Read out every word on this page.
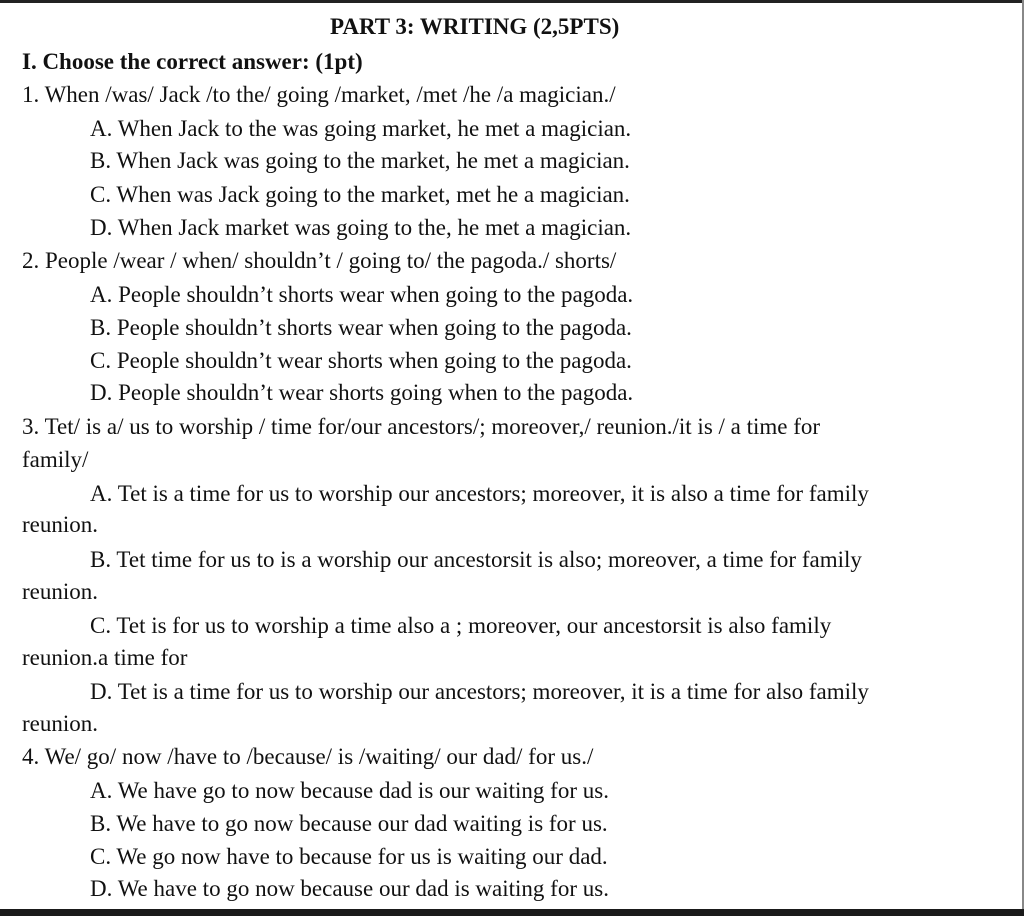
PART 3: WRITING (2,5PTS)
I. Choose the correct answer: (1pt)
1. When /was/ Jack /to the/ going /market, /met /he /a magician./
A. When Jack to the was going market, he met a magician.
B. When Jack was going to the market, he met a magician.
C. When was Jack going to the market, met he a magician.
D. When Jack market was going to the, he met a magician.
2. People /wear / when/ shouldn’t / going to/ the pagoda./ shorts/
A. People shouldn’t shorts wear when going to the pagoda.
B. People shouldn’t shorts wear when going to the pagoda.
C. People shouldn’t wear shorts when going to the pagoda.
D. People shouldn’t wear shorts going when to the pagoda.
3. Tet/ is a/ us to worship / time for/our ancestors/; moreover,/ reunion./it is / a time for
family/
A. Tet is a time for us to worship our ancestors; moreover, it is also a time for family
reunion.
B. Tet time for us to is a worship our ancestorsit is also; moreover, a time for family
reunion.
C. Tet is for us to worship a time also a ; moreover, our ancestorsit is also family
reunion.a time for
D. Tet is a time for us to worship our ancestors; moreover, it is a time for also family
reunion.
4. We/ go/ now /have to /because/ is /waiting/ our dad/ for us./
A. We have go to now because dad is our waiting for us.
B. We have to go now because our dad waiting is for us.
C. We go now have to because for us is waiting our dad.
D. We have to go now because our dad is waiting for us.
